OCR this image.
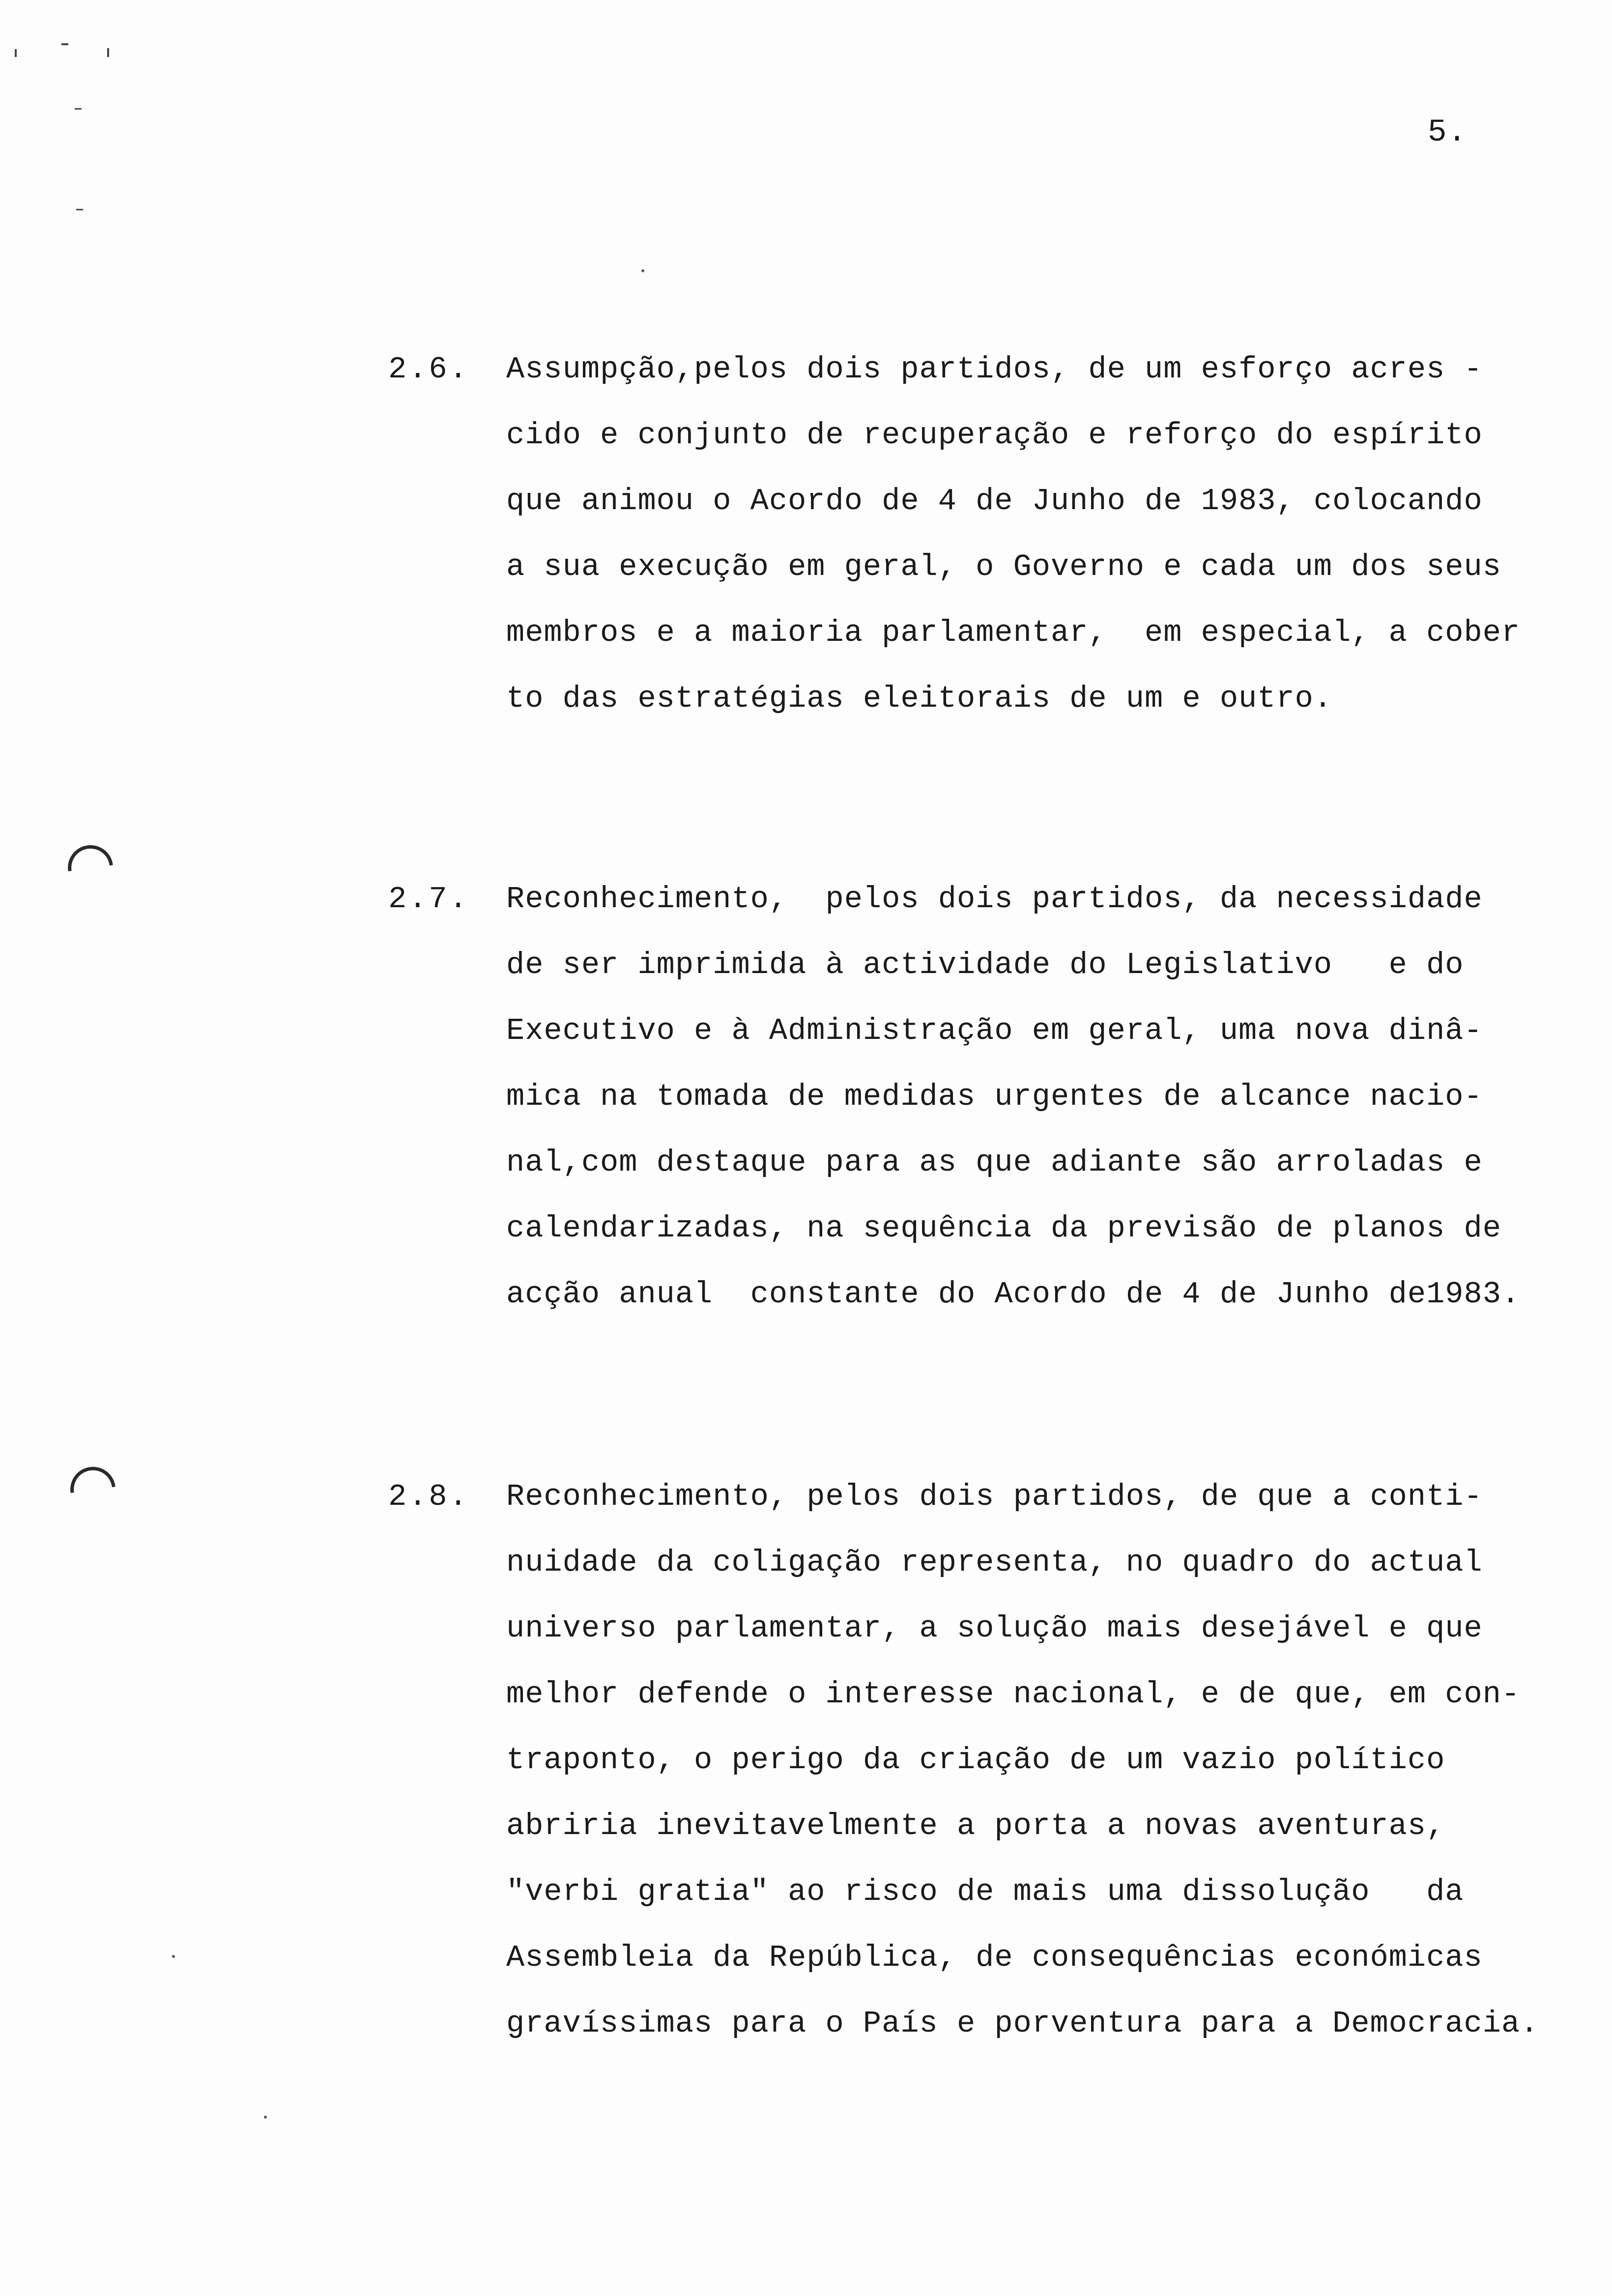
5.
2.6. Assumpção,pelos dois partidos, de um esforço acres -
cido e conjunto de recuperação e reforço do espírito
que animou o Acordo de 4 de Junho de 1983, colocando
a sua execução em geral, o Governo e cada um dos seus
membros e a maioria parlamentar,  em especial, a cober
to das estratégias eleitorais de um e outro.
2.7. Reconhecimento,  pelos dois partidos, da necessidade
de ser imprimida à actividade do Legislativo   e do
Executivo e à Administração em geral, uma nova dinâ-
mica na tomada de medidas urgentes de alcance nacio-
nal,com destaque para as que adiante são arroladas e
calendarizadas, na sequência da previsão de planos de
acção anual  constante do Acordo de 4 de Junho de1983.
2.8. Reconhecimento, pelos dois partidos, de que a conti-
nuidade da coligação representa, no quadro do actual
universo parlamentar, a solução mais desejável e que
melhor defende o interesse nacional, e de que, em con-
traponto, o perigo da criação de um vazio político
abriria inevitavelmente a porta a novas aventuras,
"verbi gratia" ao risco de mais uma dissolução   da
Assembleia da República, de consequências económicas
gravíssimas para o País e porventura para a Democracia.
